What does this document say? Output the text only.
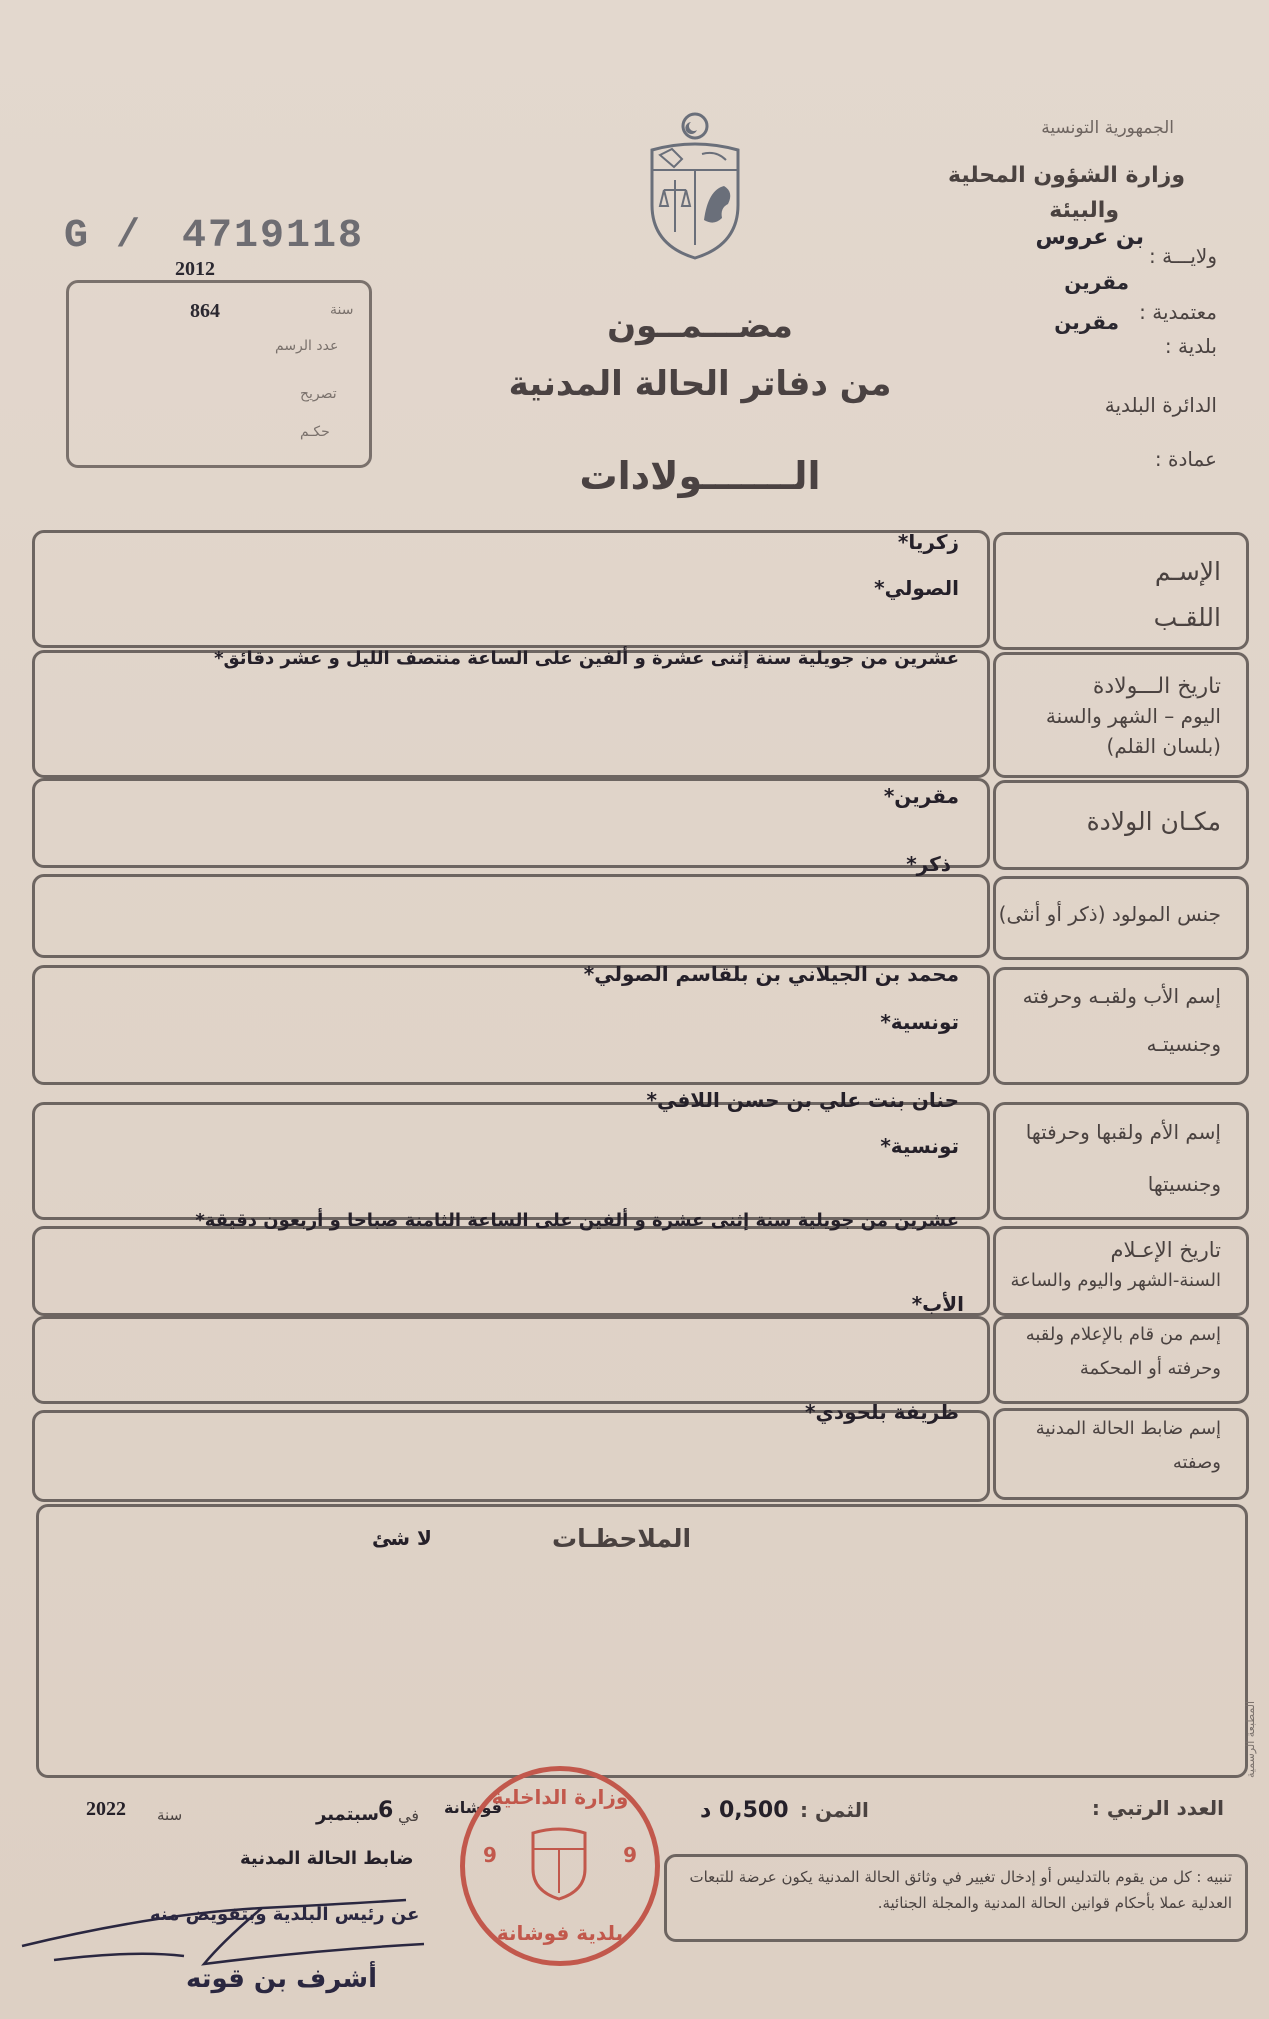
الجمهورية التونسية
وزارة الشؤون المحلية
والبيئة
ولايـــة :
بن عروس
معتمدية :
مقرين
بلدية :
مقرين
الدائرة البلدية
عمادة :
G / 4719118
2012
864	سنة
عدد الرسم
تصريح
حكـم
مضـــمــون
من دفاتر الحالة المدنية
الـــــــولادات
الإسـم
اللقـب
زكريا*
الصولي*
تاريخ الـــولادة
اليوم – الشهر والسنة
(بلسان القلم)
عشرين من جويلية سنة إثنى عشرة و ألفين على الساعة منتصف الليل و عشر دقائق*
مكـان الولادة
مقرين*
جنس المولود (ذكر أو أنثى)
ذكر*
إسم الأب ولقبـه وحرفته
وجنسيتـه
محمد بن الجيلاني بن بلقاسم الصولي*
تونسية*
إسم الأم ولقبها وحرفتها
وجنسيتها
حنان بنت علي بن حسن اللافي*
تونسية*
تاريخ الإعـلام
السنة-الشهر واليوم والساعة
عشرين من جويلية سنة إثنى عشرة و ألفين على الساعة الثامنة صباحا و أربعون دقيقة*
إسم من قام بالإعلام ولقبه
وحرفته أو المحكمة
الأب*
إسم ضابط الحالة المدنية
وصفته
ظريفة بلحودي*
الملاحظـات
لا شئ
المطبعة الرسمية
العدد الرتبي :
الثمن :
0,500 د
فوشانة
في
6
سبتمبر
سنة
2022
ضابط الحالة المدنية
عن رئيس البلدية وبتفويض منه
أشرف بن قوته
تنبيه : كل من يقوم بالتدليس أو إدخال تغيير في وثائق الحالة المدنية يكون عرضة للتبعات العدلية عملا بأحكام قوانين الحالة المدنية والمجلة الجنائية.
وزارة الداخلية
9	9
بلدية فوشانة
